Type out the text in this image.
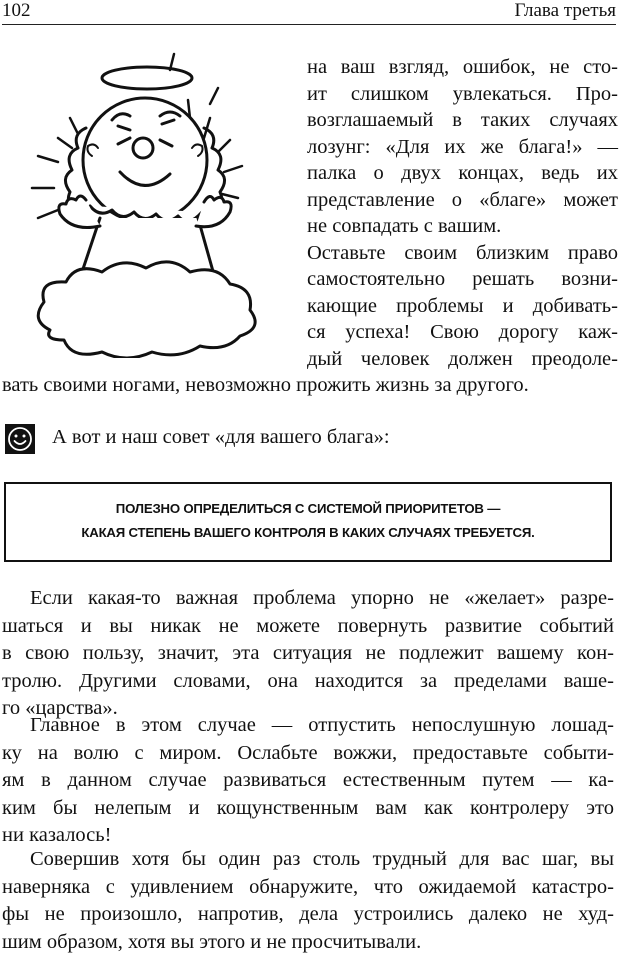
102	Глава третья
на ваш взгляд, ошибок, не сто-
ит слишком увлекаться. Про-
возглашаемый в таких случаях
лозунг: «Для их же блага!» —
палка о двух концах, ведь их
представление о «благе» может
не совпадать с вашим.
Оставьте своим близким право
самостоятельно решать возни-
кающие проблемы и добивать-
ся успеха! Свою дорогу каж-
дый человек должен преодоле-
вать своими ногами, невозможно прожить жизнь за другого.
А вот и наш совет «для вашего блага»:
ПОЛЕЗНО ОПРЕДЕЛИТЬСЯ С СИСТЕМОЙ ПРИОРИТЕТОВ —
КАКАЯ СТЕПЕНЬ ВАШЕГО КОНТРОЛЯ В КАКИХ СЛУЧАЯХ ТРЕБУЕТСЯ.
Если какая-то важная проблема упорно не «желает» разре-
шаться и вы никак не можете повернуть развитие событий
в свою пользу, значит, эта ситуация не подлежит вашему кон-
тролю. Другими словами, она находится за пределами ваше-
го «царства».
Главное в этом случае — отпустить непослушную лошад-
ку на волю с миром. Ослабьте вожжи, предоставьте событи-
ям в данном случае развиваться естественным путем — ка-
ким бы нелепым и кощунственным вам как контролеру это
ни казалось!
Совершив хотя бы один раз столь трудный для вас шаг, вы
наверняка с удивлением обнаружите, что ожидаемой катастро-
фы не произошло, напротив, дела устроились далеко не худ-
шим образом, хотя вы этого и не просчитывали.
